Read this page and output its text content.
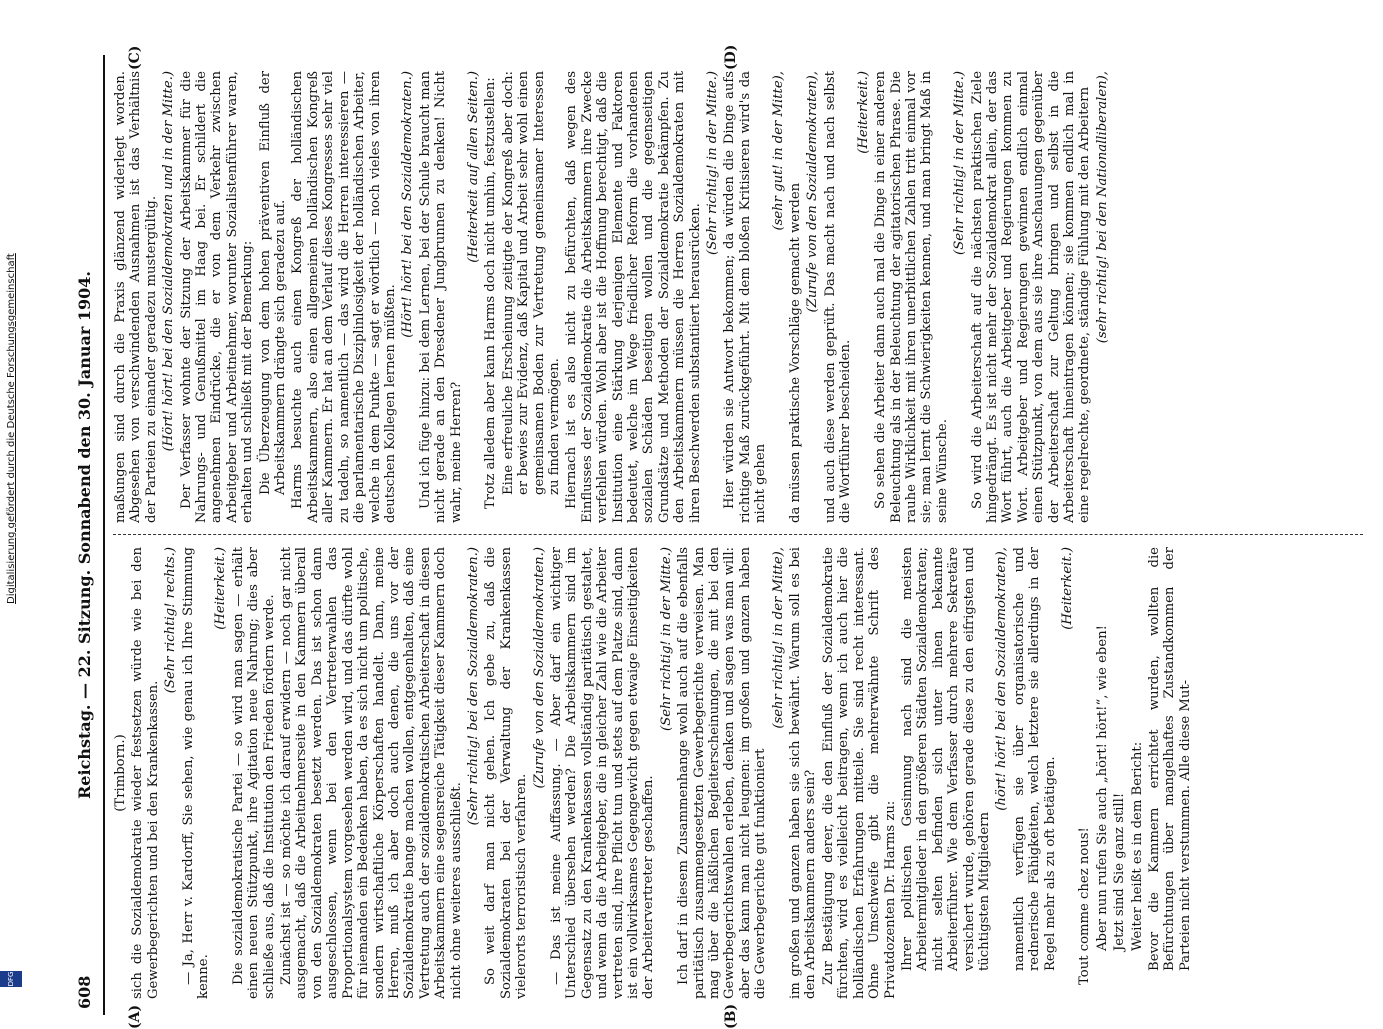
608
Reichstag. — 22. Sitzung. Sonnabend den 30. Januar 1904.
(A)	(B)
(C)	(D)

(Trimborn.) sich die Sozialdemokratie wieder festsetzen würde wie bei den Gewerbegerichten und bei den Krankenkassen.

(Sehr richtig! rechts.) — Ja, Herr v. Kardorff, Sie sehen, wie genau ich Ihre Stimmung kenne.

(Heiterkeit.) Die sozialdemokratische Partei — so wird man sagen — erhält einen neuen Stützpunkt, ihre Agitation neue Nahrung; dies aber schließe aus, daß die Institution den Frieden fördern werde. Zunächst ist — so möchte ich darauf erwidern — noch gar nicht ausgemacht, daß die Arbeitnehmerseite in den Kammern überall von den Sozialdemokraten besetzt werden. Das ist schon dann ausgeschlossen, wenn bei den Vertreterwahlen das Proportionalsystem vorgesehen werden wird, und das dürfte wohl für niemanden ein Bedenken haben, da es sich nicht um politische, sondern wirtschaftliche Körperschaften handelt. Dann, meine Herren, muß ich aber doch auch denen, die uns vor der Sozialdemokratie bange machen wollen, entgegenhalten, daß eine Vertretung auch der sozialdemokratischen Arbeiterschaft in diesen Arbeitskammern eine segensreiche Tätigkeit dieser Kammern doch nicht ohne weiteres ausschließt.

(Sehr richtig! bei den Sozialdemokraten.) So weit darf man nicht gehen. Ich gebe zu, daß die Sozialdemokraten bei der Verwaltung der Krankenkassen vielerorts terroristisch verfahren.

(Zurufe von den Sozialdemokraten.) — Das ist meine Auffassung. — Aber darf ein wichtiger Unterschied übersehen werden? Die Arbeitskammern sind im Gegensatz zu den Krankenkassen vollständig paritätisch gestaltet, und wenn da die Arbeitgeber, die in gleicher Zahl wie die Arbeiter vertreten sind, ihre Pflicht tun und stets auf dem Platze sind, dann ist ein vollwirksames Gegengewicht gegen etwaige Einseitigkeiten der Arbeitervertreter geschaffen.

(Sehr richtig! in der Mitte.) Ich darf in diesem Zusammenhange wohl auch auf die ebenfalls paritätisch zusammengesetzten Gewerbegerichte verweisen. Man mag über die häßlichen Begleiterscheinungen, die mit bei den Gewerbegerichtswahlen erleben, denken und sagen was man will: aber das kann man nicht leugnen: im großen und ganzen haben die Gewerbegerichte gut funktioniert

(sehr richtig! in der Mitte), im großen und ganzen haben sie sich bewährt. Warum soll es bei den Arbeitskammern anders sein? Zur Bestätigung derer, die den Einfluß der Sozialdemokratie fürchten, wird es vielleicht beitragen, wenn ich auch hier die holländischen Erfahrungen mitteile. Sie sind recht interessant. Ohne Umschweife gibt die mehrerwähnte Schrift des Privatdozenten Dr. Harms zu: Ihrer politischen Gesinnung nach sind die meisten Arbeitermitglieder in den größeren Städten Sozialdemokraten; nicht selten befinden sich unter ihnen bekannte Arbeiterführer. Wie dem Verfasser durch mehrere Sekretäre versichert wurde, gehören gerade diese zu den eifrigsten und tüchtigsten Mitgliedern

(hört! hört! bei den Sozialdemokraten), namentlich verfügen sie über organisatorische und rednerische Fähigkeiten, welch letztere sie allerdings in der Regel mehr als zu oft betätigen.

(Heiterkeit.)

Tout comme chez nous! Aber nun rufen Sie auch „hört! hört!“, wie eben! Jetzt sind Sie ganz still! Weiter heißt es in dem Bericht: Bevor die Kammern errichtet wurden, wollten die Befürchtungen über mangelhaftes Zustandkommen der Parteien nicht verstummen. Alle diese Mut-

maßungen sind durch die Praxis glänzend widerlegt worden. Abgesehen von verschwindenden Ausnahmen ist das Verhältnis der Parteien zu einander geradezu mustergültig. (Hört! hört! bei den Sozialdemokraten und in der Mitte.) Der Verfasser wohnte der Sitzung der Arbeitskammer für die Nahrungs- und Genußmittel im Haag bei. Er schildert die angenehmen Eindrücke, die er von dem Verkehr zwischen Arbeitgeber und Arbeitnehmer, worunter Sozialistenführer waren, erhalten und schließt mit der Bemerkung: Die Überzeugung von dem hohen präventiven Einfluß der Arbeitskammern drängte sich geradezu auf. Harms besuchte auch einen Kongreß der holländischen Arbeitskammern, also einen allgemeinen holländischen Kongreß aller Kammern. Er hat an dem Verlauf dieses Kongresses sehr viel zu tadeln, so namentlich — das wird die Herren interessieren — die parlamentarische Disziplinlosigkeit der holländischen Arbeiter, welche in dem Punkte — sagt er wörtlich — noch vieles von ihren deutschen Kollegen lernen müßten.

(Hört! hört! bei den Sozialdemokraten.) Und ich füge hinzu: bei dem Lernen, bei der Schule braucht man nicht gerade an den Dresdener Jungbrunnen zu denken! Nicht wahr, meine Herren?

(Heiterkeit auf allen Seiten.) Trotz alledem aber kann Harms doch nicht umhin, festzustellen: Eine erfreuliche Erscheinung zeitigte der Kongreß aber doch: er bewies zur Evidenz, daß Kapital und Arbeit sehr wohl einen gemeinsamen Boden zur Vertretung gemeinsamer Interessen zu finden vermögen. Hiernach ist es also nicht zu befürchten, daß wegen des Einflusses der Sozialdemokratie die Arbeitskammern ihre Zwecke verfehlen würden. Wohl aber ist die Hoffnung berechtigt, daß die Institution eine Stärkung derjenigen Elemente und Faktoren bedeutet, welche im Wege friedlicher Reform die vorhandenen sozialen Schäden beseitigen wollen und die gegenseitigen Grundsätze und Methoden der Sozialdemokratie bekämpfen. Zu den Arbeitskammern müssen die Herren Sozialdemokraten mit ihren Beschwerden substantiiert herausrücken.

(Sehr richtig! in der Mitte.) Hier würden sie Antwort bekommen; da würden die Dinge aufs richtige Maß zurückgeführt. Mit dem bloßen Kritisieren wird's da nicht gehen

(sehr gut! in der Mitte),

da müssen praktische Vorschläge gemacht werden (Zurufe von den Sozialdemokraten), und auch diese werden geprüft. Das macht nach und nach selbst die Wortführer bescheiden.

(Heiterkeit.) So sehen die Arbeiter dann auch mal die Dinge in einer anderen Beleuchtung als in der Beleuchtung der agitatorischen Phrase. Die rauhe Wirklichkeit mit ihren unerbittlichen Zahlen tritt einmal vor sie; man lernt die Schwierigkeiten kennen, und man bringt Maß in seine Wünsche.

(Sehr richtig! in der Mitte.) So wird die Arbeiterschaft auf die nächsten praktischen Ziele hingedrängt. Es ist nicht mehr der Sozialdemokrat allein, der das Wort führt, auch die Arbeitgeber und Regierungen kommen zu Wort. Arbeitgeber und Regierungen gewinnen endlich einmal einen Stützpunkt, von dem aus sie ihre Anschauungen gegenüber der Arbeiterschaft zur Geltung bringen und selbst in die Arbeiterschaft hineintragen können; sie kommen endlich mal in eine regelrechte, geordnete, ständige Fühlung mit den Arbeitern (sehr richtig! bei den Nationalliberalen),

Digitalisierung gefördert durch die Deutsche Forschungsgemeinschaft
DFG
